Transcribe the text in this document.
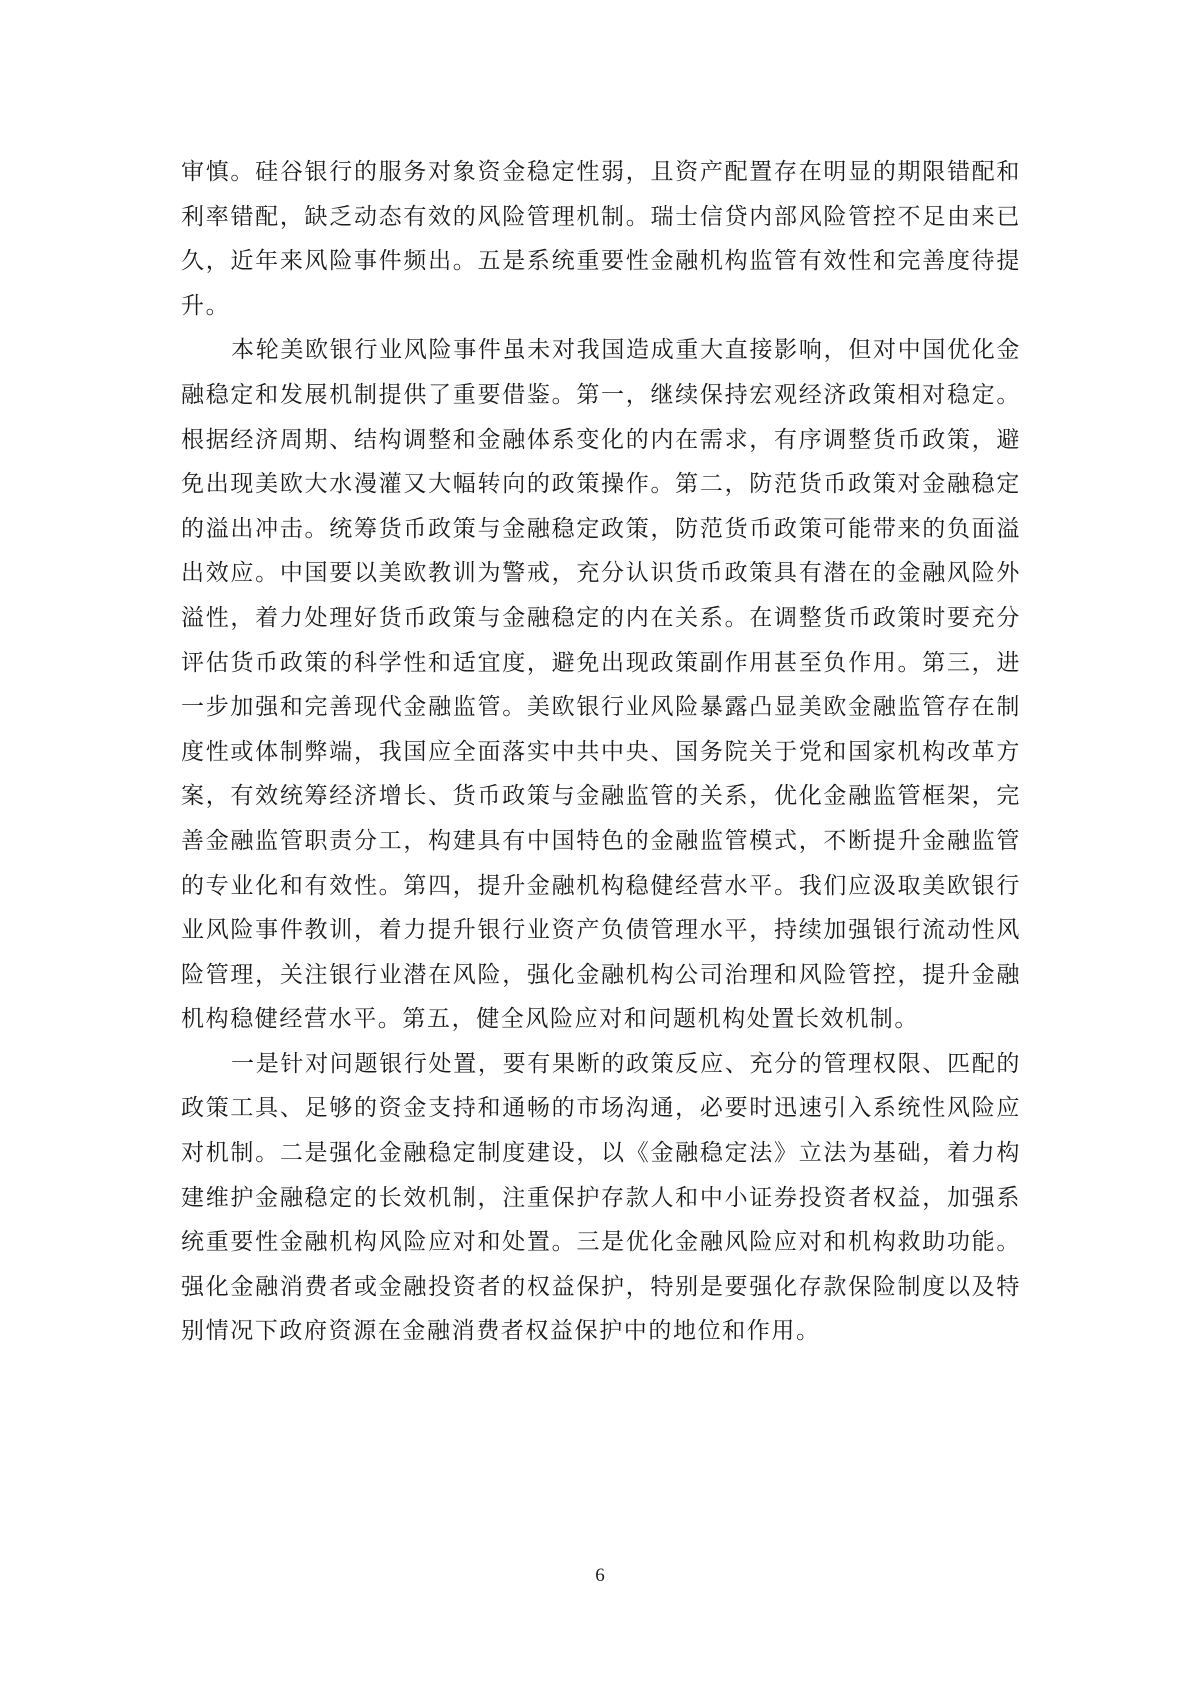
审慎。硅谷银行的服务对象资金稳定性弱，且资产配置存在明显的期限错配和利率错配，缺乏动态有效的风险管理机制。瑞士信贷内部风险管控不足由来已久，近年来风险事件频出。五是系统重要性金融机构监管有效性和完善度待提升。

本轮美欧银行业风险事件虽未对我国造成重大直接影响，但对中国优化金融稳定和发展机制提供了重要借鉴。第一，继续保持宏观经济政策相对稳定。根据经济周期、结构调整和金融体系变化的内在需求，有序调整货币政策，避免出现美欧大水漫灌又大幅转向的政策操作。第二，防范货币政策对金融稳定的溢出冲击。统筹货币政策与金融稳定政策，防范货币政策可能带来的负面溢出效应。中国要以美欧教训为警戒，充分认识货币政策具有潜在的金融风险外溢性，着力处理好货币政策与金融稳定的内在关系。在调整货币政策时要充分评估货币政策的科学性和适宜度，避免出现政策副作用甚至负作用。第三，进一步加强和完善现代金融监管。美欧银行业风险暴露凸显美欧金融监管存在制度性或体制弊端，我国应全面落实中共中央、国务院关于党和国家机构改革方案，有效统筹经济增长、货币政策与金融监管的关系，优化金融监管框架，完善金融监管职责分工，构建具有中国特色的金融监管模式，不断提升金融监管的专业化和有效性。第四，提升金融机构稳健经营水平。我们应汲取美欧银行业风险事件教训，着力提升银行业资产负债管理水平，持续加强银行流动性风险管理，关注银行业潜在风险，强化金融机构公司治理和风险管控，提升金融机构稳健经营水平。第五，健全风险应对和问题机构处置长效机制。

一是针对问题银行处置，要有果断的政策反应、充分的管理权限、匹配的政策工具、足够的资金支持和通畅的市场沟通，必要时迅速引入系统性风险应对机制。二是强化金融稳定制度建设，以《金融稳定法》立法为基础，着力构建维护金融稳定的长效机制，注重保护存款人和中小证券投资者权益，加强系统重要性金融机构风险应对和处置。三是优化金融风险应对和机构救助功能。强化金融消费者或金融投资者的权益保护，特别是要强化存款保险制度以及特别情况下政府资源在金融消费者权益保护中的地位和作用。

6
